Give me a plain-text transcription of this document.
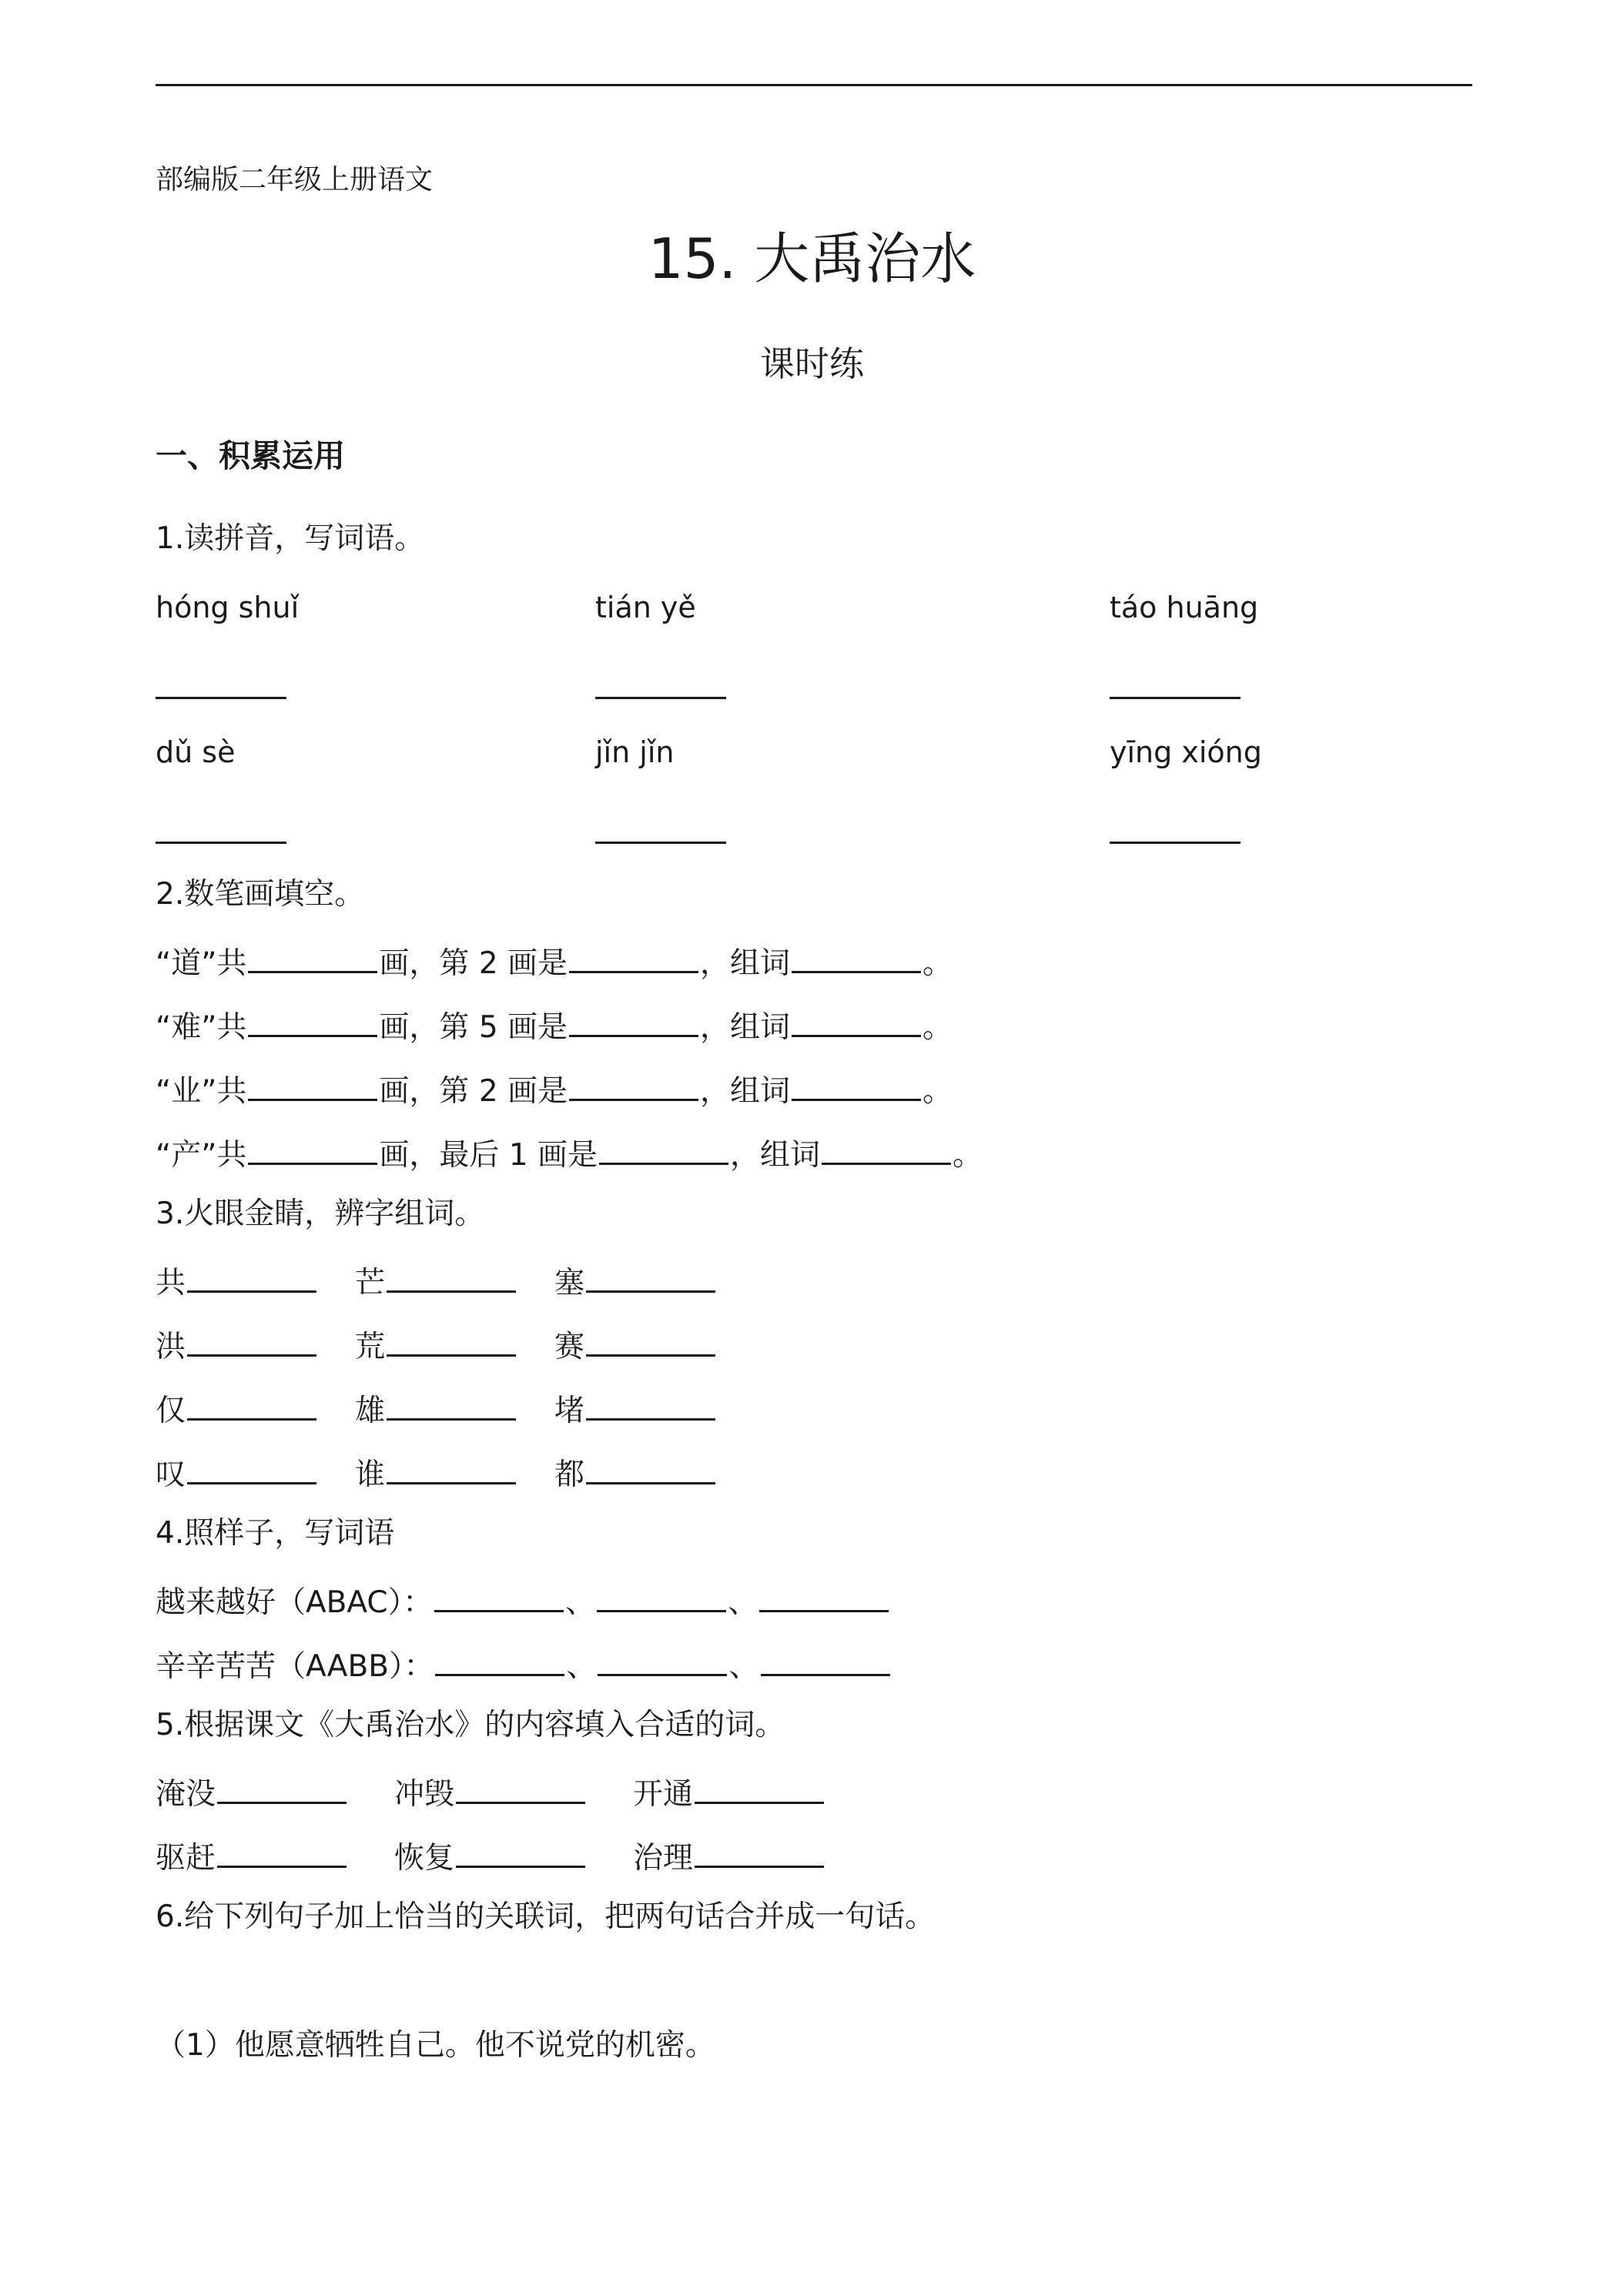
部编版二年级上册语文
15. 大禹治水
课时练
一、积累运用
1.读拼音，写词语。
hóng shuǐ	tián yě	táo huāng
dǔ sè	jǐn jǐn	yīng xióng
2.数笔画填空。
“道”共	画，第 2 画是	，组词	。
“难”共	画，第 5 画是	，组词	。
“业”共	画，第 2 画是	，组词	。
“产”共	画，最后 1 画是	，组词	。
3.火眼金睛，辨字组词。
共	芒	塞
洪	荒	赛
仅	雄	堵
叹	谁	都
4.照样子，写词语
越来越好（ABAC）：	、	、
辛辛苦苦（AABB）：	、	、
5.根据课文《大禹治水》的内容填入合适的词。
淹没	冲毁	开通
驱赶	恢复	治理
6.给下列句子加上恰当的关联词，把两句话合并成一句话。
（1）他愿意牺牲自己。他不说党的机密。
